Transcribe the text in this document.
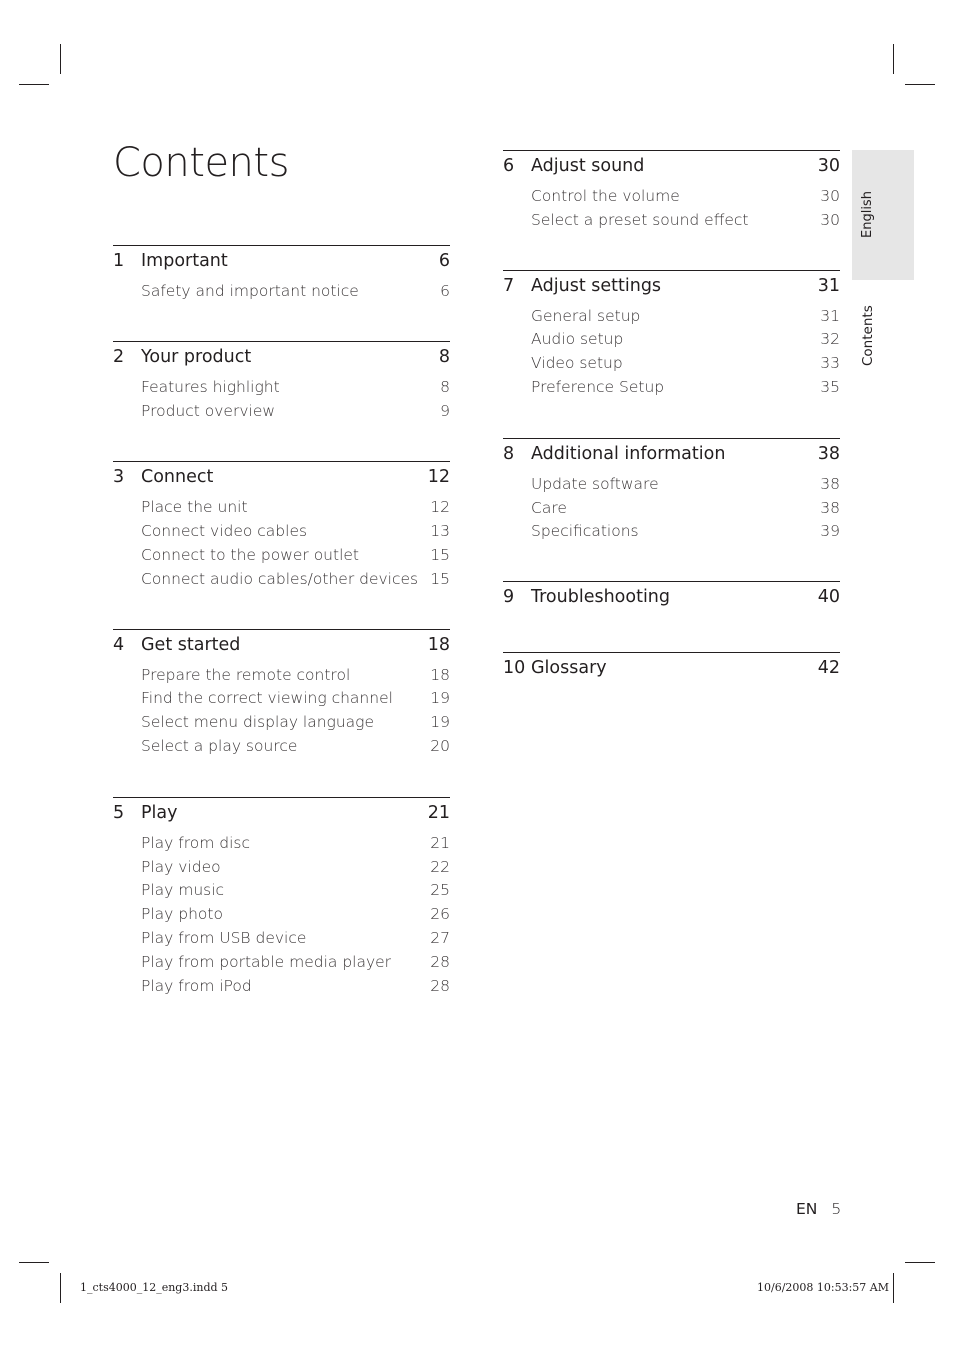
Contents
1 Important	6
Safety and important notice	6
2 Your product	8
Features highlight	8
Product overview	9
3 Connect	12
Place the unit	12
Connect video cables	13
Connect to the power outlet	15
Connect audio cables/other devices 15
4 Get started	18
Prepare the remote control	18
Find the correct viewing channel	19
Select menu display language	19
Select a play source	20
5 Play	21
Play from disc	21
Play video	22
Play music	25
Play photo	26
Play from USB device	27
Play from portable media player	28
Play from iPod	28
6 Adjust sound	30
Control the volume	30
Select a preset sound effect	30
7 Adjust settings	31
General setup	31
Audio setup	32
Video setup	33
Preference Setup	35
8 Additional information	38
Update software	38
Care	38
Specifications	39
9 Troubleshooting	40
10 Glossary	42
English
Contents
EN 5
1_cts4000_12_eng3.indd 5	10/6/2008 10:53:57 AM
